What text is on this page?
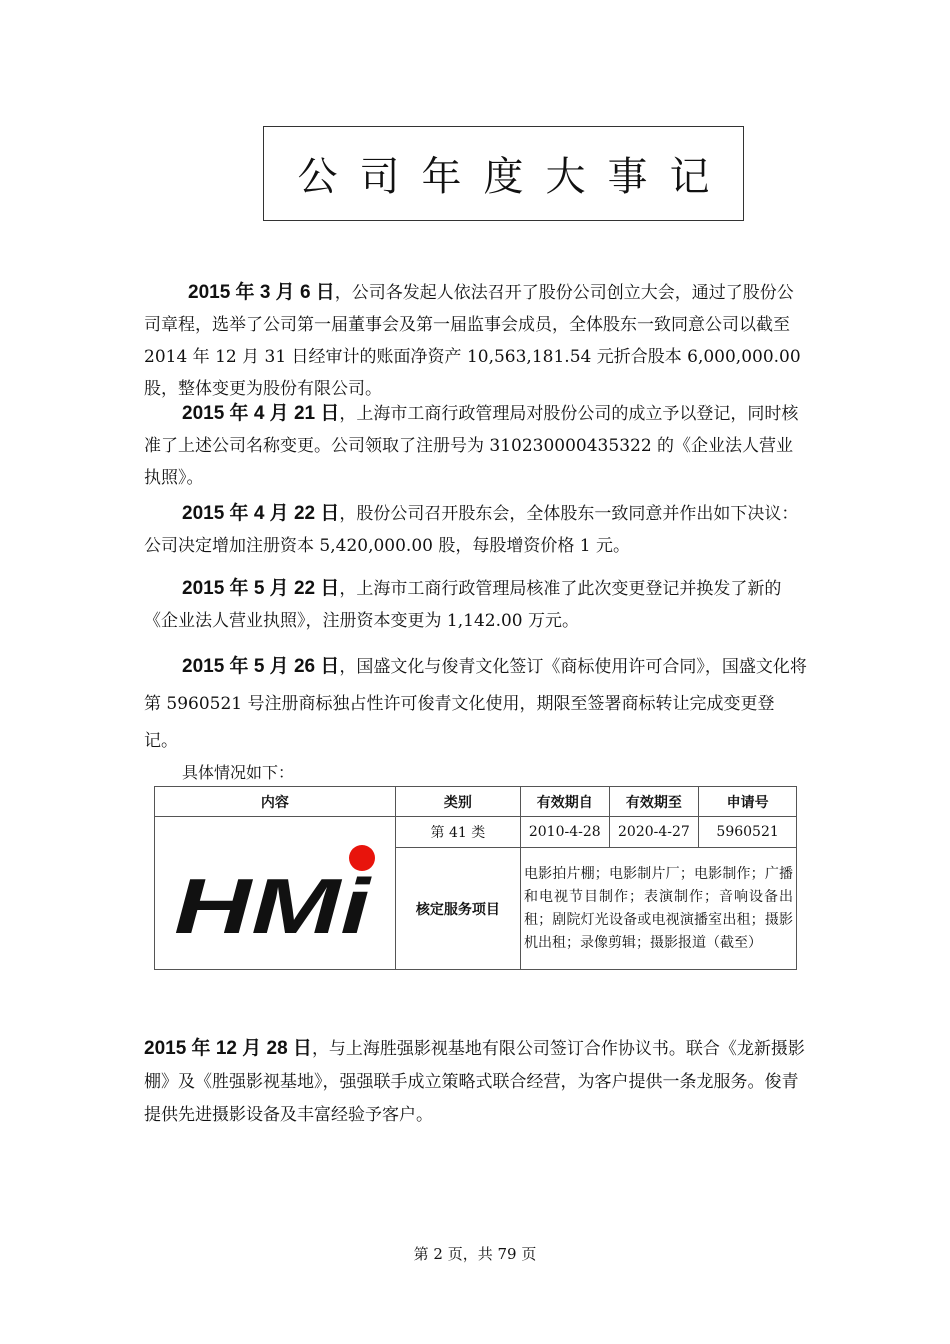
公司年度大事记

2015 年 3 月 6 日，公司各发起人依法召开了股份公司创立大会，通过了股份公司章程，选举了公司第一届董事会及第一届监事会成员，全体股东一致同意公司以截至 2014 年 12 月 31 日经审计的账面净资产 10,563,181.54 元折合股本 6,000,000.00 股，整体变更为股份有限公司。

2015 年 4 月 21 日，上海市工商行政管理局对股份公司的成立予以登记，同时核准了上述公司名称变更。公司领取了注册号为 310230000435322 的《企业法人营业执照》。

2015 年 4 月 22 日，股份公司召开股东会，全体股东一致同意并作出如下决议：公司决定增加注册资本 5,420,000.00 股，每股增资价格 1 元。

2015 年 5 月 22 日，上海市工商行政管理局核准了此次变更登记并换发了新的《企业法人营业执照》，注册资本变更为 1,142.00 万元。

2015 年 5 月 26 日，国盛文化与俊青文化签订《商标使用许可合同》，国盛文化将第 5960521 号注册商标独占性许可俊青文化使用，期限至签署商标转让完成变更登记。

具体情况如下：
内容	类别	有效期自	有效期至	申请号

HMi	第 41 类	2010-4-28	2020-4-27	5960521
	核定服务项目	电影拍片棚；电影制片厂；电影制作；广播和电视节目制作；表演制作；音响设备出租；剧院灯光设备或电视演播室出租；摄影机出租；录像剪辑；摄影报道（截至）		

2015 年 12 月 28 日，与上海胜强影视基地有限公司签订合作协议书。联合《龙新摄影棚》及《胜强影视基地》，强强联手成立策略式联合经营，为客户提供一条龙服务。俊青提供先进摄影设备及丰富经验予客户。

第 2 页，共 79 页
